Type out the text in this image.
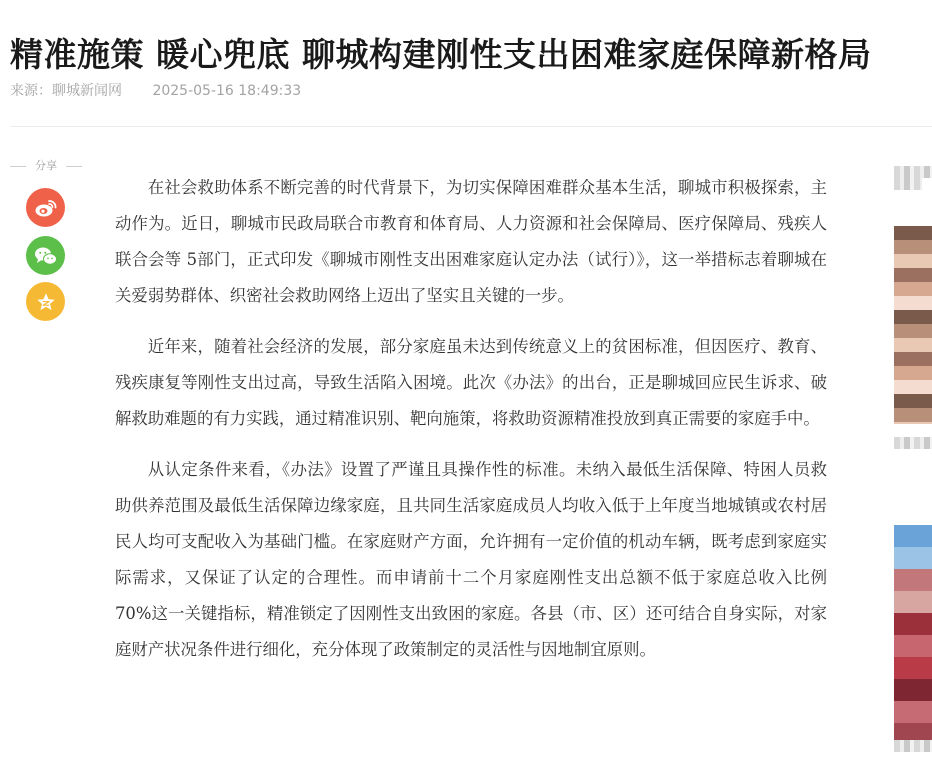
精准施策 暖心兜底 聊城构建刚性支出困难家庭保障新格局
来源：聊城新闻网 2025-05-16 18:49:33
分享

在社会救助体系不断完善的时代背景下，为切实保障困难群众基本生活，聊城市积极探索，主动作为。近日，聊城市民政局联合市教育和体育局、人力资源和社会保障局、医疗保障局、残疾人联合会等 5部门，正式印发《聊城市刚性支出困难家庭认定办法（试行）》，这一举措标志着聊城在关爱弱势群体、织密社会救助网络上迈出了坚实且关键的一步。

近年来，随着社会经济的发展，部分家庭虽未达到传统意义上的贫困标准，但因医疗、教育、残疾康复等刚性支出过高，导致生活陷入困境。此次《办法》的出台，正是聊城回应民生诉求、破解救助难题的有力实践，通过精准识别、靶向施策，将救助资源精准投放到真正需要的家庭手中。

从认定条件来看，《办法》设置了严谨且具操作性的标准。未纳入最低生活保障、特困人员救助供养范围及最低生活保障边缘家庭，且共同生活家庭成员人均收入低于上年度当地城镇或农村居民人均可支配收入为基础门槛。在家庭财产方面，允许拥有一定价值的机动车辆，既考虑到家庭实际需求，又保证了认定的合理性。而申请前十二个月家庭刚性支出总额不低于家庭总收入比例 70%这一关键指标，精准锁定了因刚性支出致困的家庭。各县（市、区）还可结合自身实际，对家庭财产状况条件进行细化，充分体现了政策制定的灵活性与因地制宜原则。
